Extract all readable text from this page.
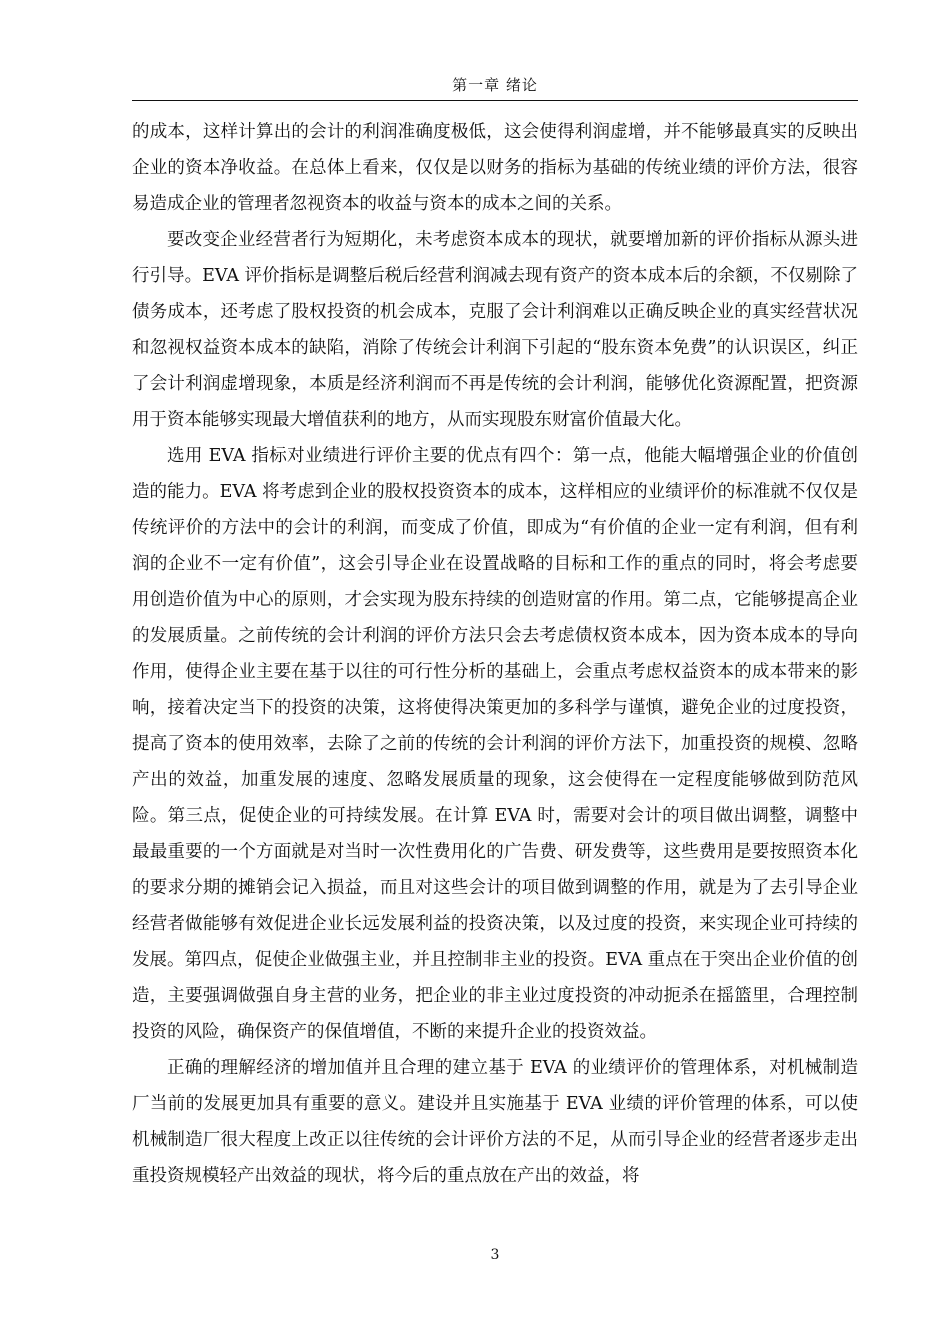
第一章 绪论

的成本，这样计算出的会计的利润准确度极低，这会使得利润虚增，并不能够最真实的反映出企业的资本净收益。在总体上看来，仅仅是以财务的指标为基础的传统业绩的评价方法，很容易造成企业的管理者忽视资本的收益与资本的成本之间的关系。

要改变企业经营者行为短期化，未考虑资本成本的现状，就要增加新的评价指标从源头进行引导。EVA 评价指标是调整后税后经营利润减去现有资产的资本成本后的余额，不仅剔除了债务成本，还考虑了股权投资的机会成本，克服了会计利润难以正确反映企业的真实经营状况和忽视权益资本成本的缺陷，消除了传统会计利润下引起的“股东资本免费”的认识误区，纠正了会计利润虚增现象，本质是经济利润而不再是传统的会计利润，能够优化资源配置，把资源用于资本能够实现最大增值获利的地方，从而实现股东财富价值最大化。

选用 EVA 指标对业绩进行评价主要的优点有四个：第一点，他能大幅增强企业的价值创造的能力。EVA 将考虑到企业的股权投资资本的成本，这样相应的业绩评价的标准就不仅仅是传统评价的方法中的会计的利润，而变成了价值，即成为“有价值的企业一定有利润，但有利润的企业不一定有价值”，这会引导企业在设置战略的目标和工作的重点的同时，将会考虑要用创造价值为中心的原则，才会实现为股东持续的创造财富的作用。第二点，它能够提高企业的发展质量。之前传统的会计利润的评价方法只会去考虑债权资本成本，因为资本成本的导向作用，使得企业主要在基于以往的可行性分析的基础上，会重点考虑权益资本的成本带来的影响，接着决定当下的投资的决策，这将使得决策更加的多科学与谨慎，避免企业的过度投资，提高了资本的使用效率，去除了之前的传统的会计利润的评价方法下，加重投资的规模、忽略产出的效益，加重发展的速度、忽略发展质量的现象，这会使得在一定程度能够做到防范风险。第三点，促使企业的可持续发展。在计算 EVA 时，需要对会计的项目做出调整，调整中最最重要的一个方面就是对当时一次性费用化的广告费、研发费等，这些费用是要按照资本化的要求分期的摊销会记入损益，而且对这些会计的项目做到调整的作用，就是为了去引导企业经营者做能够有效促进企业长远发展利益的投资决策，以及过度的投资，来实现企业可持续的发展。第四点，促使企业做强主业，并且控制非主业的投资。EVA 重点在于突出企业价值的创造，主要强调做强自身主营的业务，把企业的非主业过度投资的冲动扼杀在摇篮里，合理控制投资的风险，确保资产的保值增值，不断的来提升企业的投资效益。

正确的理解经济的增加值并且合理的建立基于 EVA 的业绩评价的管理体系，对机械制造厂当前的发展更加具有重要的意义。建设并且实施基于 EVA 业绩的评价管理的体系，可以使机械制造厂很大程度上改正以往传统的会计评价方法的不足，从而引导企业的经营者逐步走出重投资规模轻产出效益的现状，将今后的重点放在产出的效益，将

3
